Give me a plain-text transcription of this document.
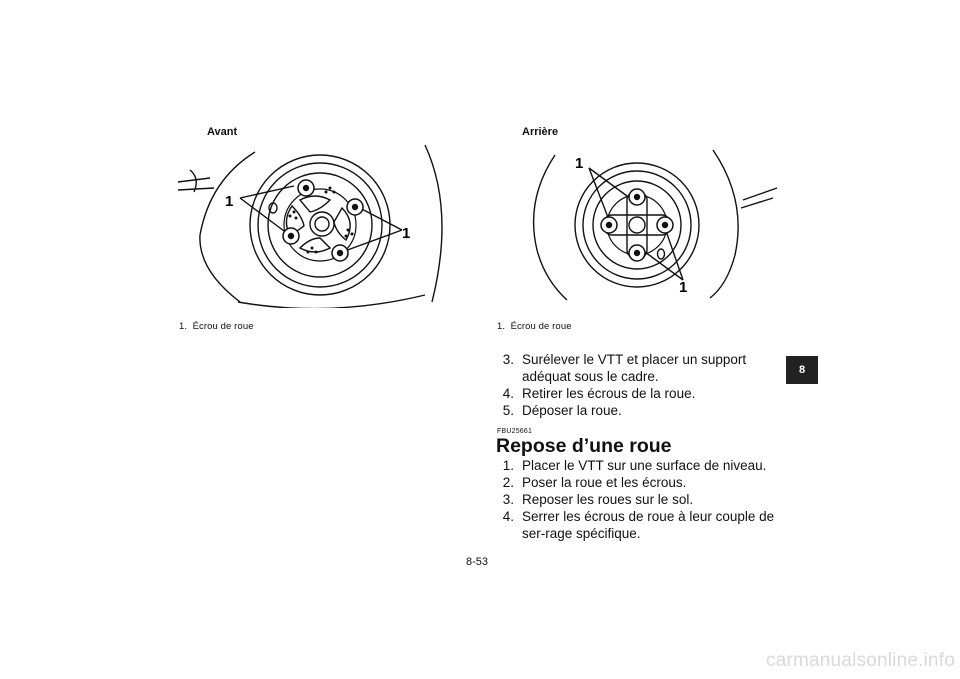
Avant
1
1
1. Écrou de roue
Arrière
1
1
1. Écrou de roue
3. Surélever le VTT et placer un support adéquat sous le cadre.
4. Retirer les écrous de la roue.
5. Déposer la roue.
FBU25661
Repose d’une roue
1. Placer le VTT sur une surface de niveau.
2. Poser la roue et les écrous.
3. Reposer les roues sur le sol.
4. Serrer les écrous de roue à leur couple de ser-rage spécifique.
8-53
8
carmanualsonline.info
